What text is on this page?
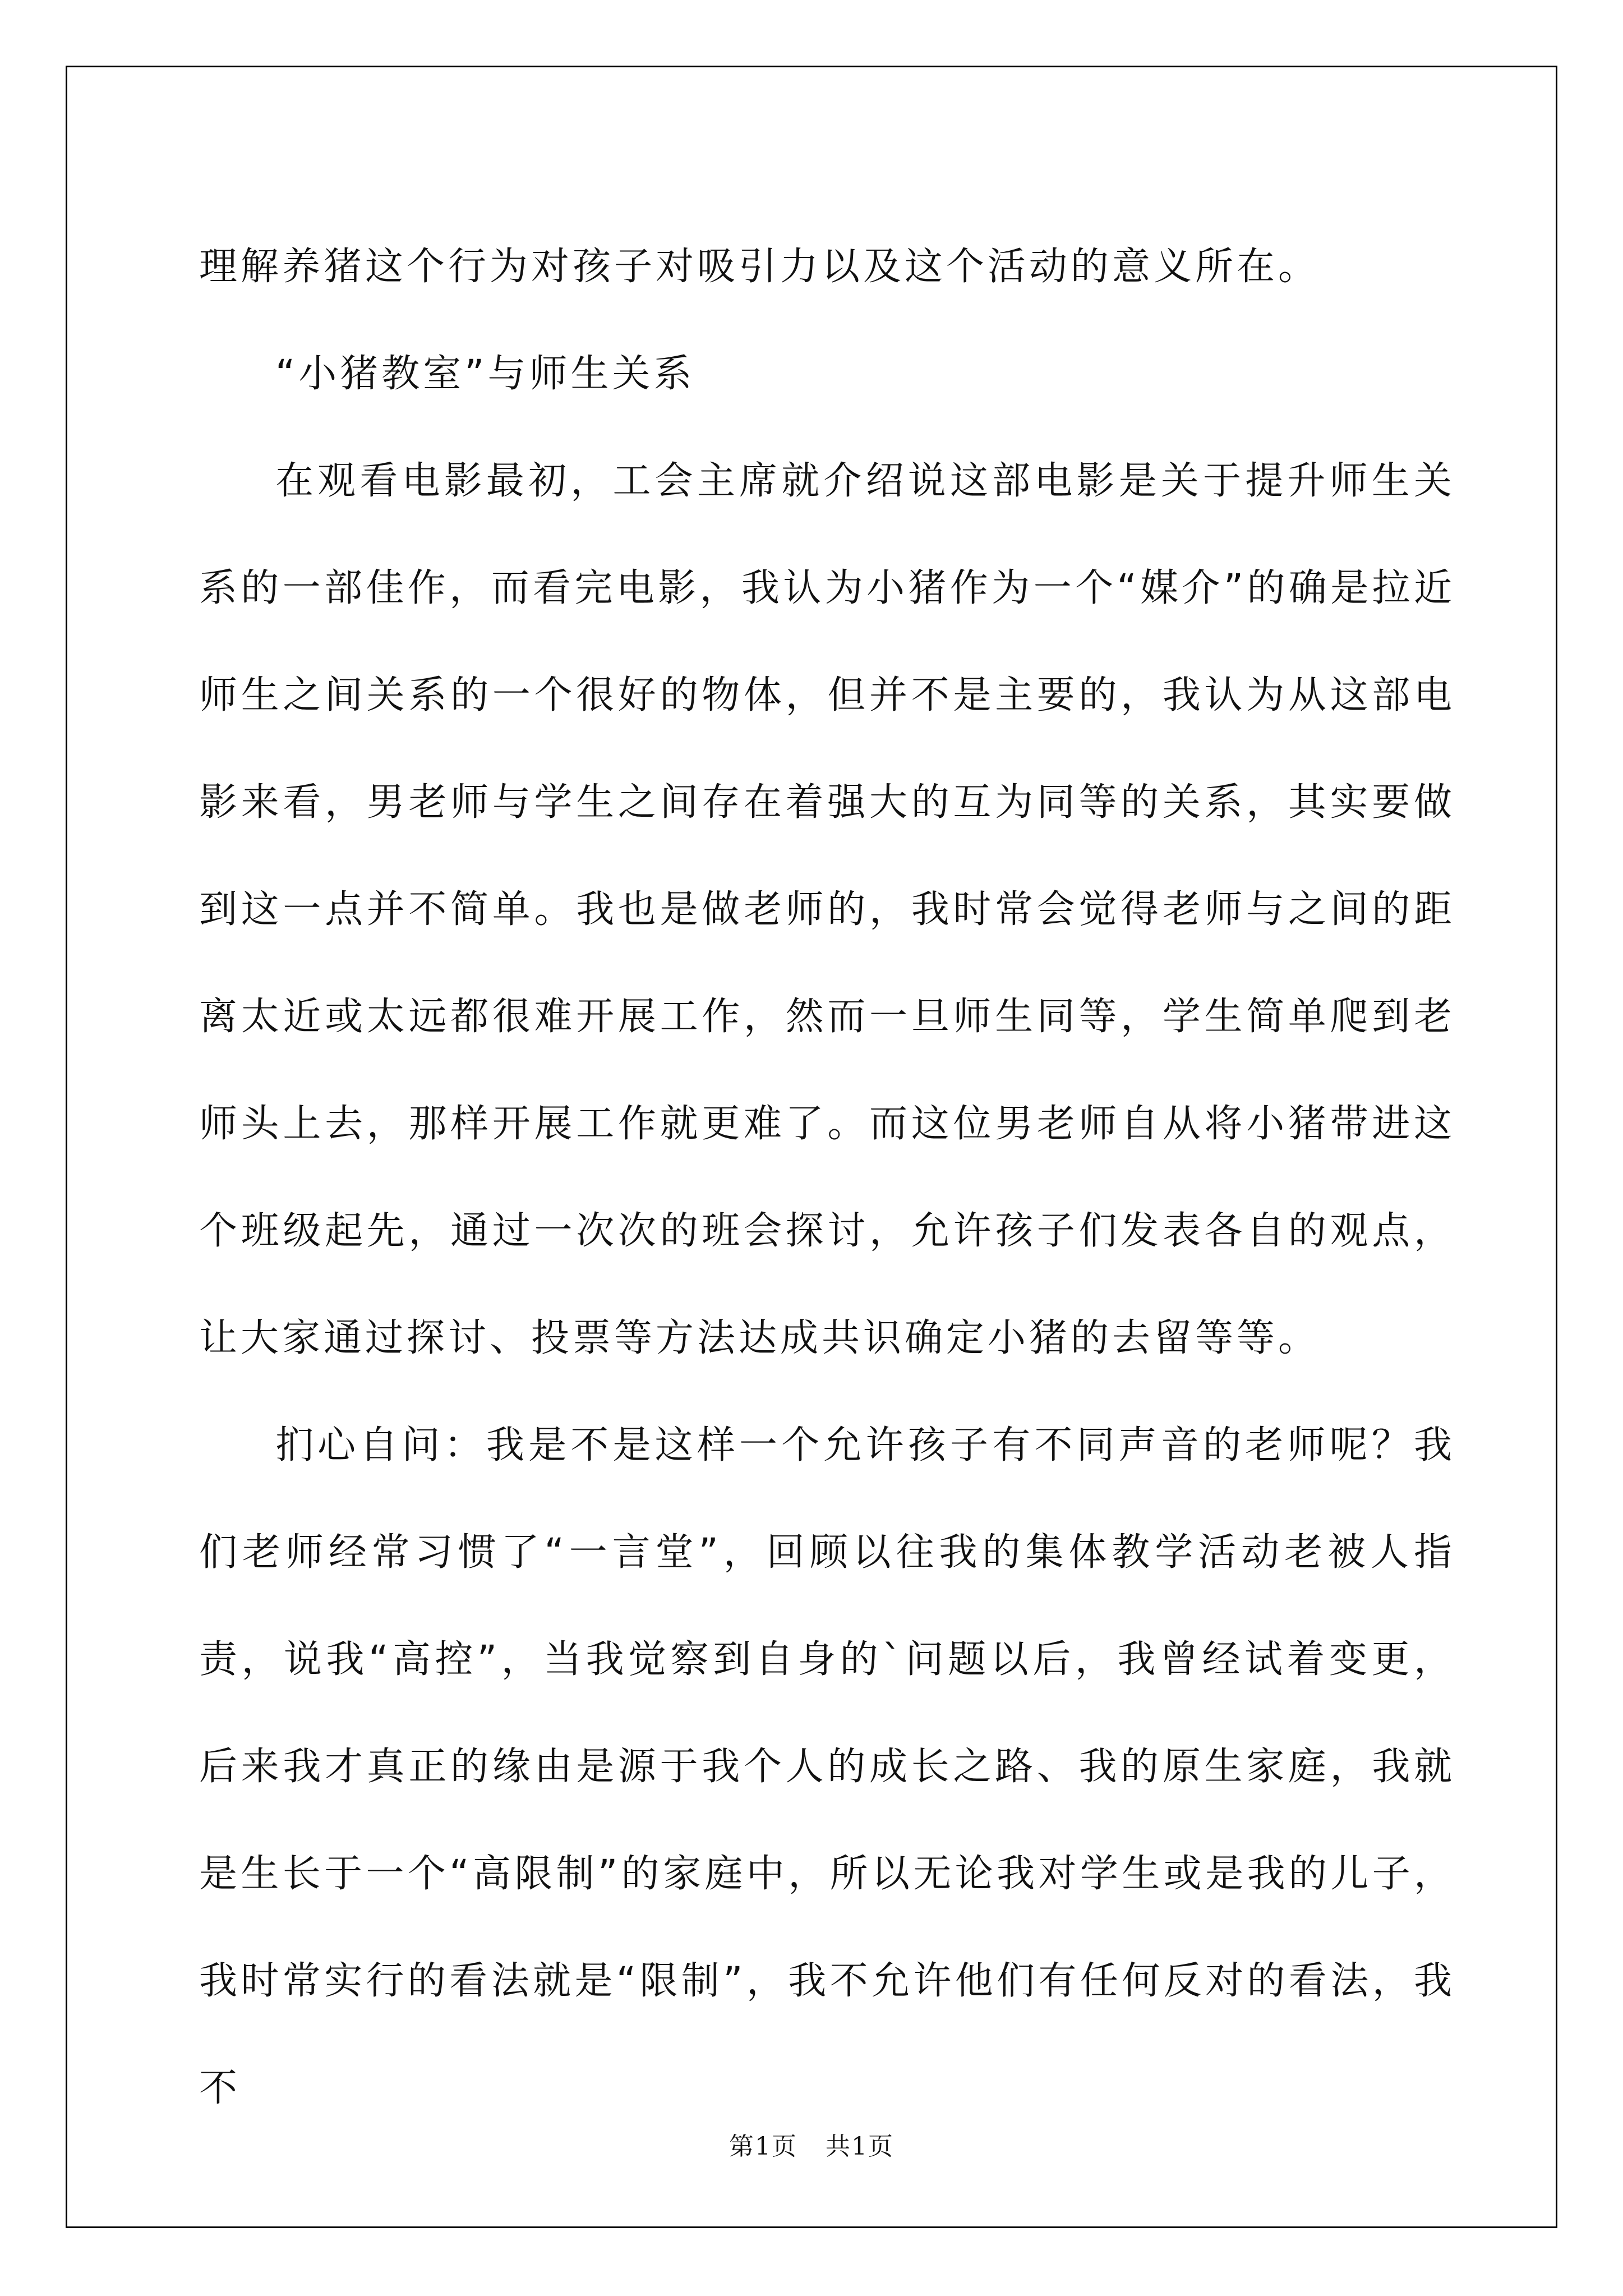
理解养猪这个行为对孩子对吸引力以及这个活动的意义所在。

“小猪教室”与师生关系

在观看电影最初，工会主席就介绍说这部电影是关于提升师生关系的一部佳作，而看完电影，我认为小猪作为一个“媒介”的确是拉近师生之间关系的一个很好的物体，但并不是主要的，我认为从这部电影来看，男老师与学生之间存在着强大的互为同等的关系，其实要做到这一点并不简单。我也是做老师的，我时常会觉得老师与之间的距离太近或太远都很难开展工作，然而一旦师生同等，学生简单爬到老师头上去，那样开展工作就更难了。而这位男老师自从将小猪带进这个班级起先，通过一次次的班会探讨，允许孩子们发表各自的观点，让大家通过探讨、投票等方法达成共识确定小猪的去留等等。

扪心自问：我是不是这样一个允许孩子有不同声音的老师呢？我们老师经常习惯了“一言堂”，回顾以往我的集体教学活动老被人指责，说我“高控”，当我觉察到自身的`问题以后，我曾经试着变更，后来我才真正的缘由是源于我个人的成长之路、我的原生家庭，我就是生长于一个“高限制”的家庭中，所以无论我对学生或是我的儿子，我时常实行的看法就是“限制”，我不允许他们有任何反对的看法，我不

第1页 共1页
